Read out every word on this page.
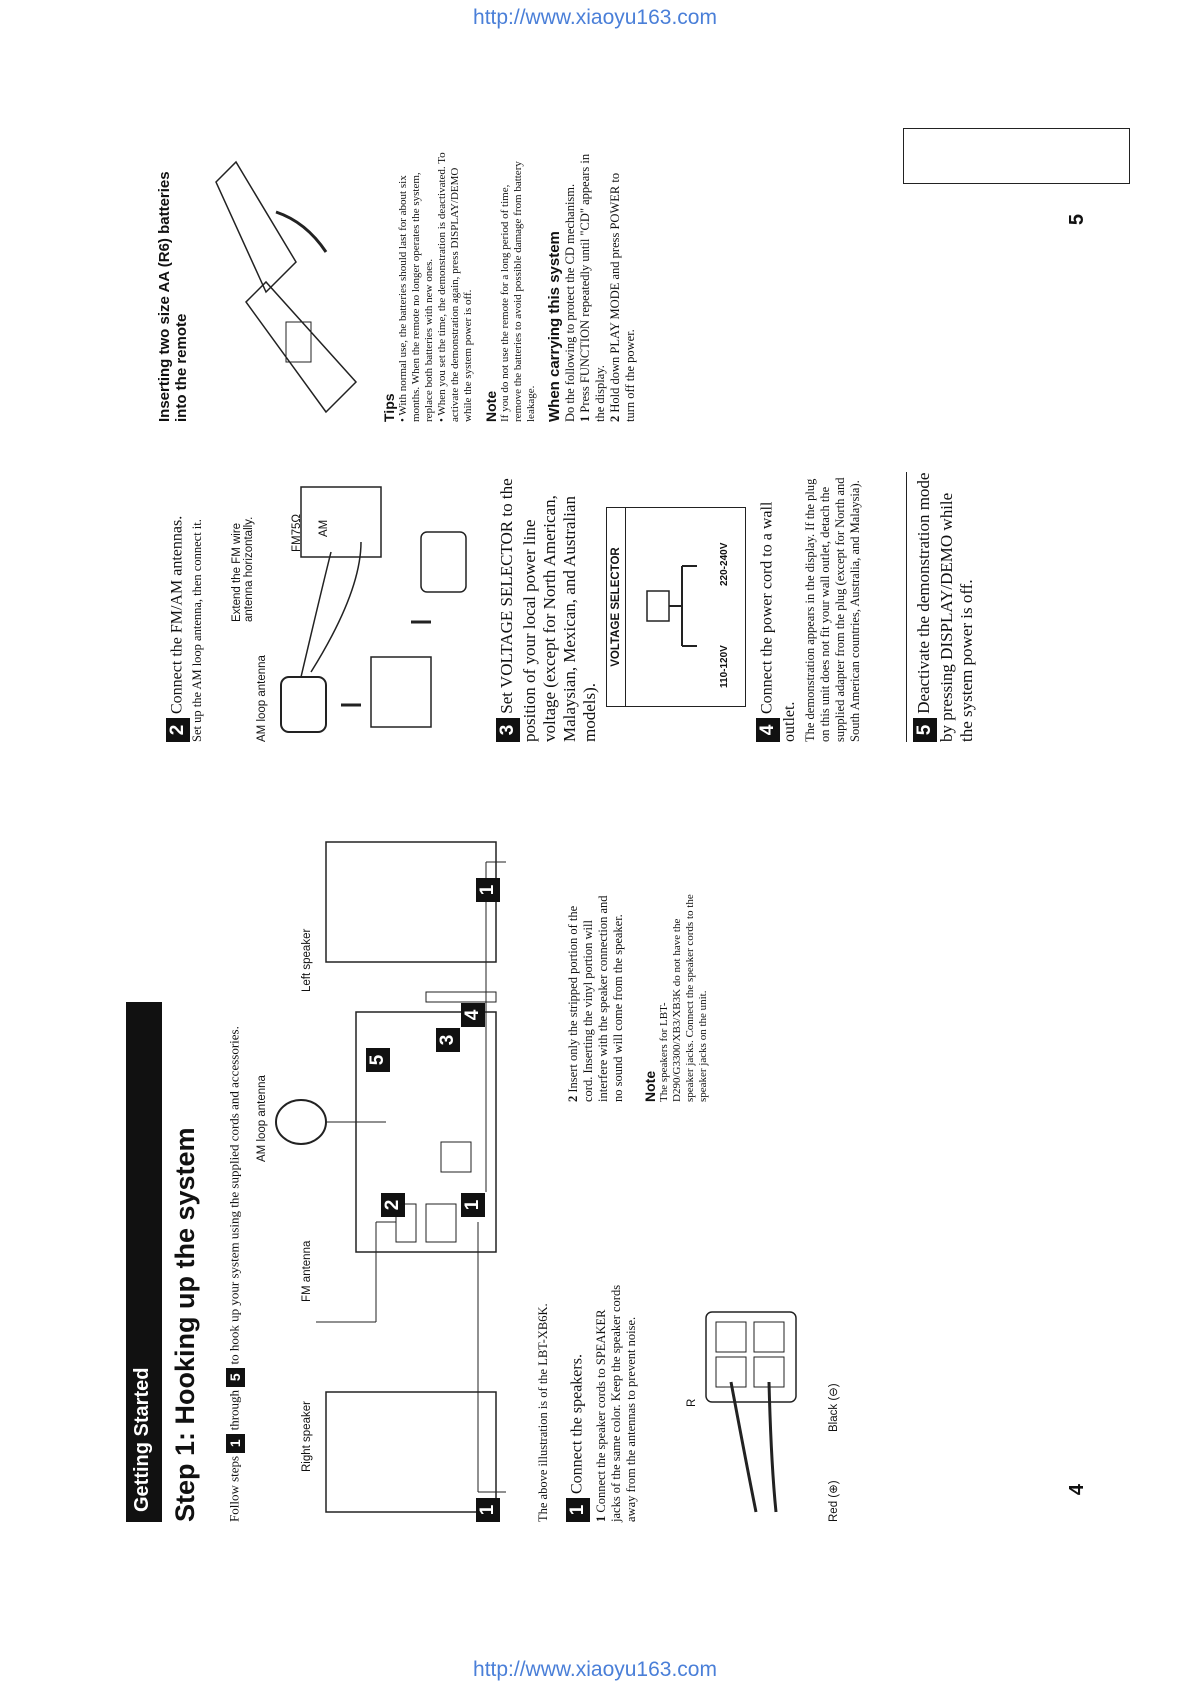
http://www.xiaoyu163.com
5
4
Getting Started Step 1: Hooking up the system Follow steps 1 through 5 to hook up your system using the supplied cords and accessories.
Right speaker
FM antenna
AM loop antenna
Left speaker
1
2
3
4
5
1
1
The above illustration is of the LBT-XB6K. 1 Connect the speakers.
1 Connect the speaker cords to SPEAKER jacks of the same color. Keep the speaker cords away from the antennas to prevent noise.	R
Red (⊕)
Black (⊖)
2 Insert only the stripped portion of the cord. Inserting the vinyl portion will interfere with the speaker connection and no sound will come from the speaker. Note The speakers for LBT-D290/G3300/XB3/XB3K do not have the speaker jacks. Connect the speaker cords to the speaker jacks on the unit.
2 Connect the FM/AM antennas. Set up the AM loop antenna, then connect it.	AM loop antenna
Extend the FM wire antenna horizontally.	FM75Ω AM
3 Set VOLTAGE SELECTOR to the position of your local power line voltage (except for North American, Malaysian, Mexican, and Australian models).
VOLTAGE SELECTOR	110-120V
220-240V
4 Connect the power cord to a wall outlet. The demonstration appears in the display. If the plug on this unit does not fit your wall outlet, detach the supplied adapter from the plug (except for North and South American countries, Australia, and Malaysia).	5 Deactivate the demonstration mode by pressing DISPLAY/DEMO while the system power is off.
Inserting two size AA (R6) batteries into the remote	Tips • With normal use, the batteries should last for about six months. When the remote no longer operates the system, replace both batteries with new ones. • When you set the time, the demonstration is deactivated. To activate the demonstration again, press DISPLAY/DEMO while the system power is off. Note If you do not use the remote for a long period of time, remove the batteries to avoid possible damage from battery leakage. When carrying this system Do the following to protect the CD mechanism. 1 Press FUNCTION repeatedly until "CD" appears in the display. 2 Hold down PLAY MODE and press POWER to turn off the power.
http://www.xiaoyu163.com
